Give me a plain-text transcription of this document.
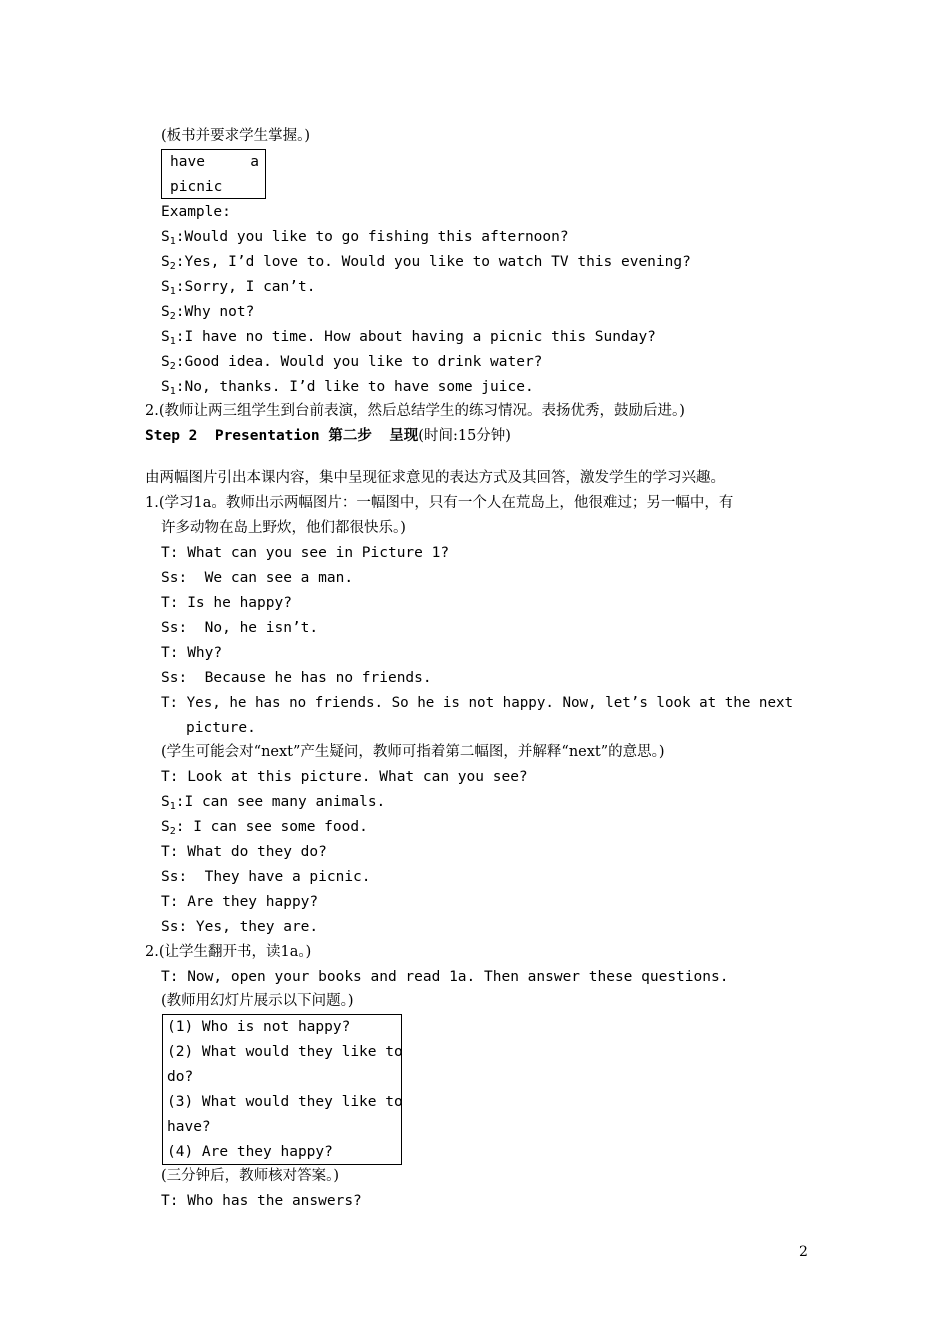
(板书并要求学生掌握。)
have	a
picnic
Example:
$S_1:Would$ you like to go fishing this afternoon?
$S_2:Yes$, I’d love to. Would you like to watch TV this evening?
$S_1:Sorry$, I can’t.
$S_2:Why$ not?
$S_1:I$ have no time. How about having a picnic this Sunday?
$S_2:Good$ idea. Would you like to drink water?
$S_1:No$, thanks. I’d like to have some juice.
2.(教师让两三组学生到台前表演，然后总结学生的练习情况。表扬优秀，鼓励后进。)
Step 2  Presentation 第二步  呈现(时间:15分钟)
由两幅图片引出本课内容，集中呈现征求意见的表达方式及其回答，激发学生的学习兴趣。
1.(学习1a。教师出示两幅图片：一幅图中，只有一个人在荒岛上，他很难过；另一幅中，有
许多动物在岛上野炊，他们都很快乐。)
T: What can you see in Picture 1?
Ss:  We can see a man.
T: Is he happy?
Ss:  No, he isn’t.
T: Why?
Ss:  Because he has no friends.
T: Yes, he has no friends. So he is not happy. Now, let’s look at the next
picture.
(学生可能会对“next”产生疑问，教师可指着第二幅图，并解释“next”的意思。)
T: Look at this picture. What can you see?
$S_1:I$ can see many animals.
$S_2$: I can see some food.
T: What do they do?
Ss:  They have a picnic.
T: Are they happy?
Ss: Yes, they are.
2.(让学生翻开书，读1a。)
T: Now, open your books and read 1a. Then answer these questions.
(教师用幻灯片展示以下问题。)
(1) Who is not happy?
(2) What would they like to
do?
(3) What would they like to
have?
(4) Are they happy?
(三分钟后，教师核对答案。)
T: Who has the answers?
2
